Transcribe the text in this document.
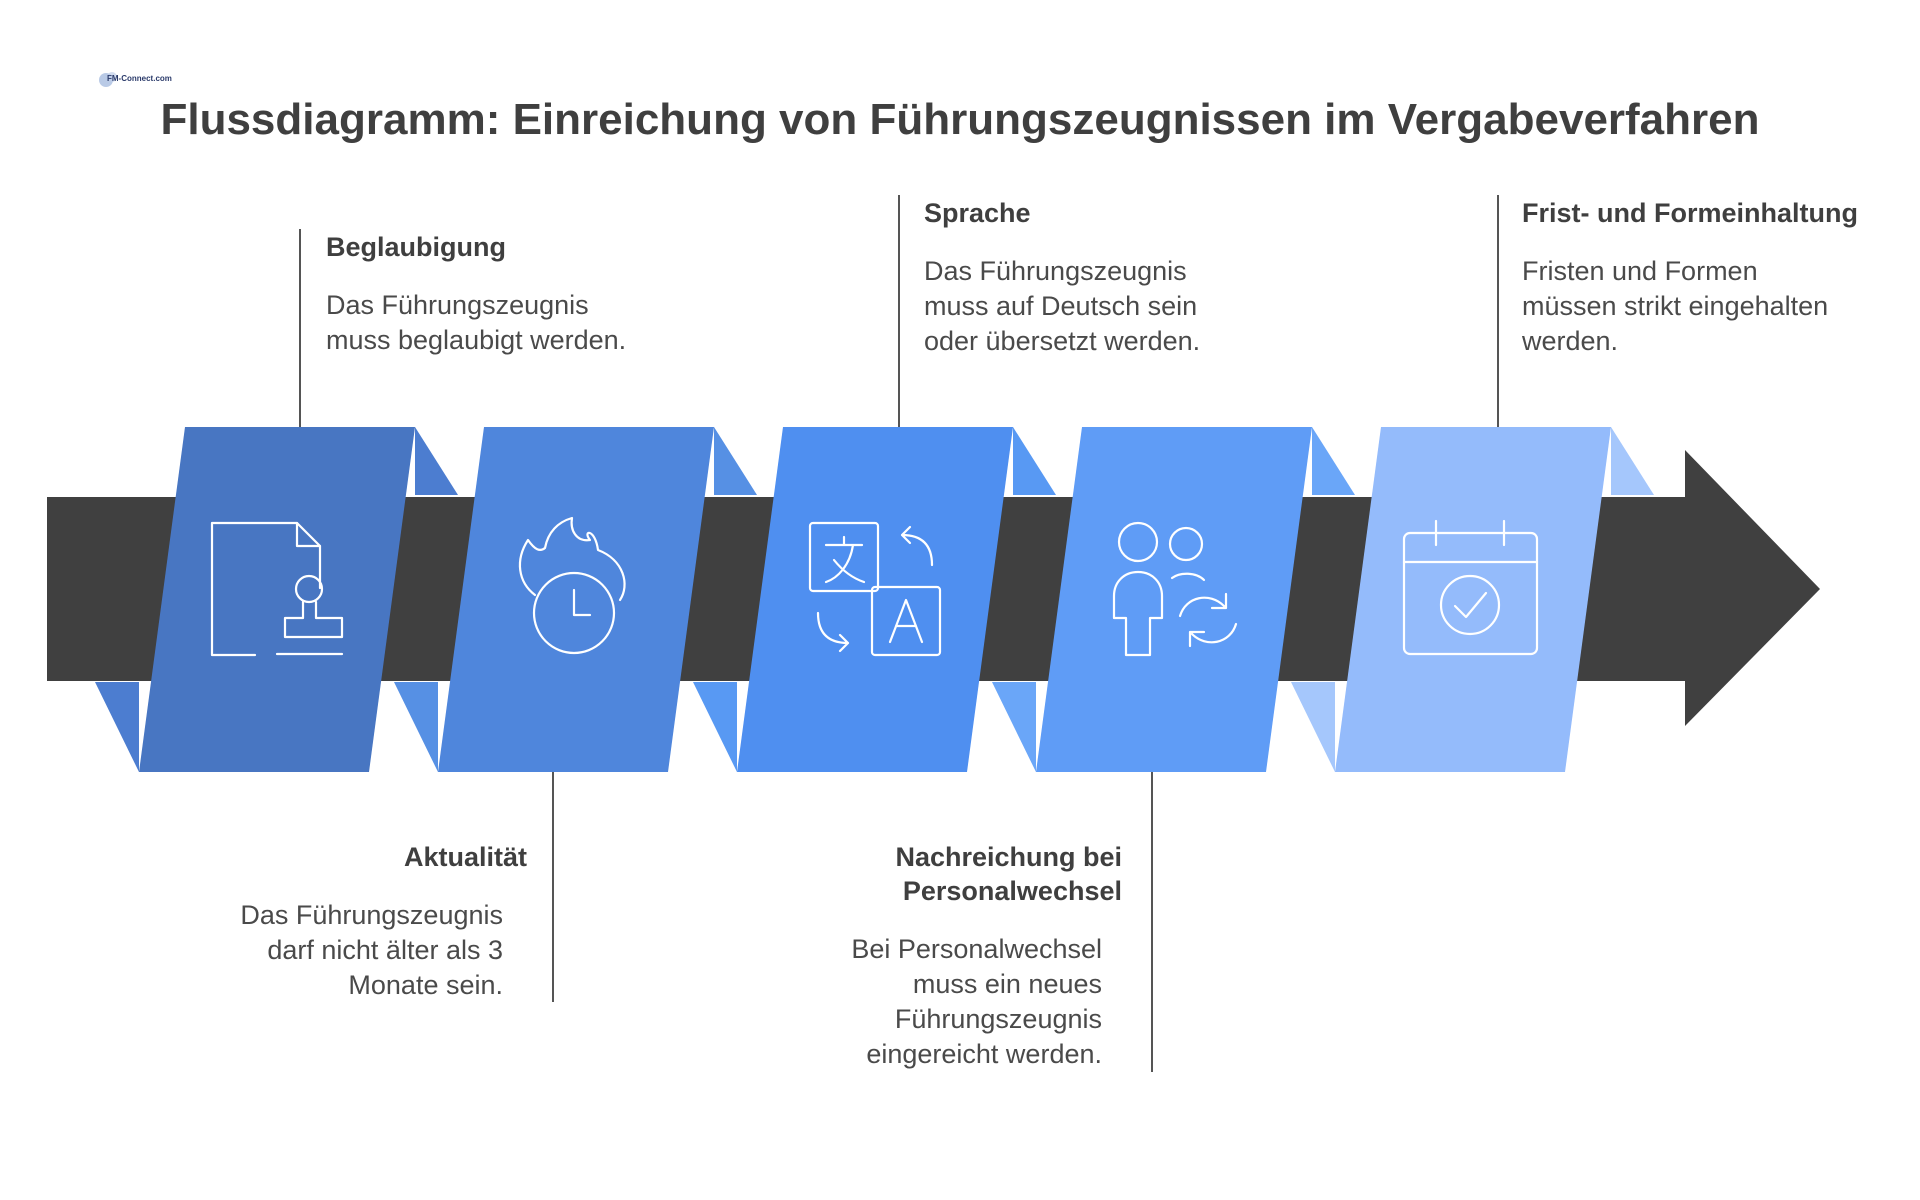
FM-Connect.com
Flussdiagramm: Einreichung von Führungszeugnissen im Vergabeverfahren
Beglaubigung
Das Führungszeugnis
muss beglaubigt werden.
Aktualität
Das Führungszeugnis
darf nicht älter als 3
Monate sein.
Sprache
Das Führungszeugnis
muss auf Deutsch sein
oder übersetzt werden.
Nachreichung bei
Personalwechsel
Bei Personalwechsel
muss ein neues
Führungszeugnis
eingereicht werden.
Frist- und Formeinhaltung
Fristen und Formen
müssen strikt eingehalten
werden.
